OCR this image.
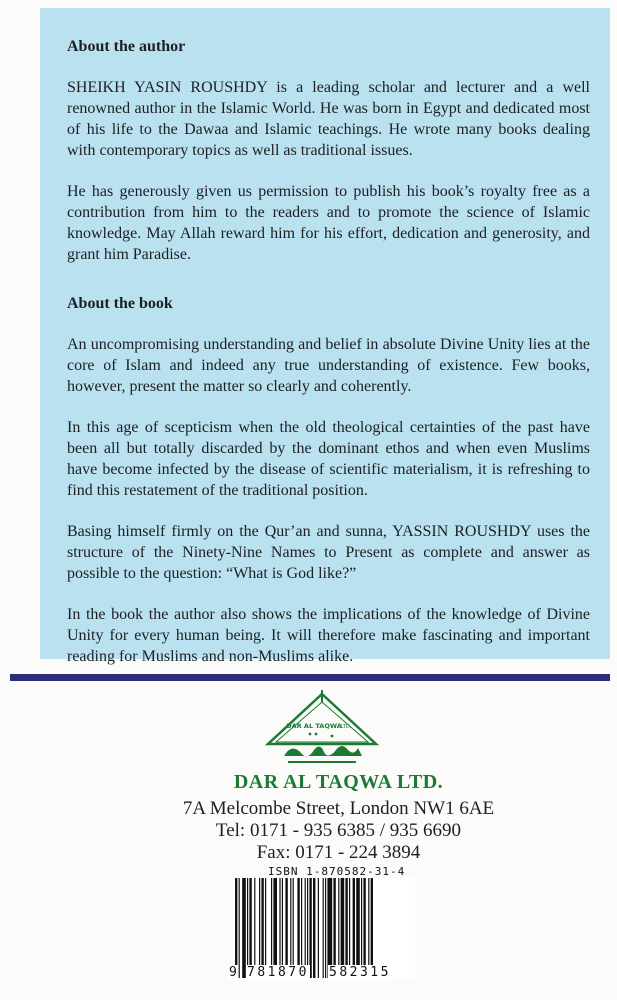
About the author

SHEIKH YASIN ROUSHDY is a leading scholar and lecturer and a well renowned author in the Islamic World. He was born in Egypt and dedicated most of his life to the Dawaa and Islamic teachings. He wrote many books dealing with contemporary topics as well as traditional issues.

He has generously given us permission to publish his book’s royalty free as a contribution from him to the readers and to promote the science of Islamic knowledge. May Allah reward him for his effort, dedication and generosity, and grant him Paradise.

About the book

An uncompromising understanding and belief in absolute Divine Unity lies at the core of Islam and indeed any true understanding of existence. Few books, however, present the matter so clearly and coherently.

In this age of scepticism when the old theological certainties of the past have been all but totally discarded by the dominant ethos and when even Muslims have become infected by the disease of scientific materialism, it is refreshing to find this restatement of the traditional position.

Basing himself firmly on the Qur’an and sunna, YASSIN ROUSHDY uses the structure of the Ninety-Nine Names to Present as complete and answer as possible to the question: “What is God like?”

In the book the author also shows the implications of the knowledge of Divine Unity for every human being. It will therefore make fascinating and important reading for Muslims and non-Muslims alike.

DAR AL TAQWA
LTD.
DAR AL TAQWA LTD.
7A Melcombe Street, London NW1 6AE
Tel: 0171 - 935 6385 / 935 6690
Fax: 0171 - 224 3894
ISBN 1-870582-31-4
9 781870 582315
